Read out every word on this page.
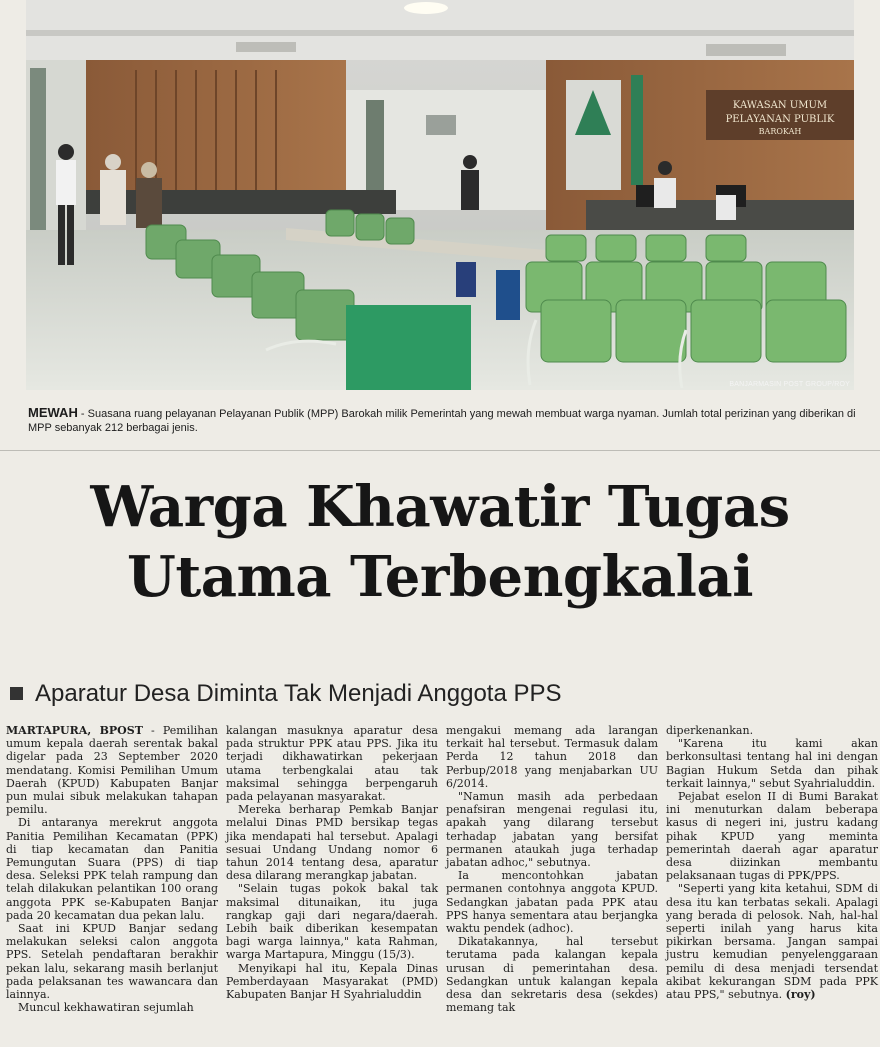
KAWASAN UMUM
PELAYANAN PUBLIK
BAROKAH
BANJARMASIN POST GROUP/ROY
MEWAH - Suasana ruang pelayanan Pelayanan Publik (MPP) Barokah milik Pemerintah yang mewah membuat warga nyaman. Jumlah total perizinan yang diberikan di MPP sebanyak 212 berbagai jenis.
Warga Khawatir Tugas
Utama Terbengkalai
Aparatur Desa Diminta Tak Menjadi Anggota PPS

MARTAPURA, BPOST - Pemilihan umum kepala daerah serentak bakal digelar pada 23 September 2020 mendatang. Komisi Pemilihan Umum Daerah (KPUD) Kabupaten Banjar pun mulai sibuk melakukan tahapan pemilu.

Di antaranya merekrut anggota Panitia Pemilihan Kecamatan (PPK) di tiap kecamatan dan Panitia Pemungutan Suara (PPS) di tiap desa. Seleksi PPK telah rampung dan telah dilakukan pelantikan 100 orang anggota PPK se-Kabupaten Banjar pada 20 kecamatan dua pekan lalu.

Saat ini KPUD Banjar sedang melakukan seleksi calon anggota PPS. Setelah pendaftaran berakhir pekan lalu, sekarang masih berlanjut pada pelaksanan tes wawancara dan lainnya.

Muncul kekhawatiran sejumlah

kalangan masuknya aparatur desa pada struktur PPK atau PPS. Jika itu terjadi dikhawatirkan pekerjaan utama terbengkalai atau tak maksimal sehingga berpengaruh pada pelayanan masyarakat.

Mereka berharap Pemkab Banjar melalui Dinas PMD bersikap tegas jika mendapati hal tersebut. Apalagi sesuai Undang Undang nomor 6 tahun 2014 tentang desa, aparatur desa dilarang merangkap jabatan.

"Selain tugas pokok bakal tak maksimal ditunaikan, itu juga rangkap gaji dari negara/daerah. Lebih baik diberikan kesempatan bagi warga lainnya," kata Rahman, warga Martapura, Minggu (15/3).

Menyikapi hal itu, Kepala Dinas Pemberdayaan Masyarakat (PMD) Kabupaten Banjar H Syahrialuddin

mengakui memang ada larangan terkait hal tersebut. Termasuk dalam Perda 12 tahun 2018 dan Perbup/2018 yang menjabarkan UU 6/2014.

"Namun masih ada perbedaan penafsiran mengenai regulasi itu, apakah yang dilarang tersebut terhadap jabatan yang bersifat permanen ataukah juga terhadap jabatan adhoc," sebutnya.

Ia mencontohkan jabatan permanen contohnya anggota KPUD. Sedangkan jabatan pada PPK atau PPS hanya sementara atau berjangka waktu pendek (adhoc).

Dikatakannya, hal tersebut terutama pada kalangan kepala urusan di pemerintahan desa. Sedangkan untuk kalangan kepala desa dan sekretaris desa (sekdes) memang tak

diperkenankan.

"Karena itu kami akan berkonsultasi tentang hal ini dengan Bagian Hukum Setda dan pihak terkait lainnya," sebut Syahrialuddin.

Pejabat eselon II di Bumi Barakat ini menuturkan dalam beberapa kasus di negeri ini, justru kadang pihak KPUD yang meminta pemerintah daerah agar aparatur desa diizinkan membantu pelaksanaan tugas di PPK/PPS.

"Seperti yang kita ketahui, SDM di desa itu kan terbatas sekali. Apalagi yang berada di pelosok. Nah, hal-hal seperti inilah yang harus kita pikirkan bersama. Jangan sampai justru kemudian penyelenggaraan pemilu di desa menjadi tersendat akibat kekurangan SDM pada PPK atau PPS," sebutnya. (roy)
